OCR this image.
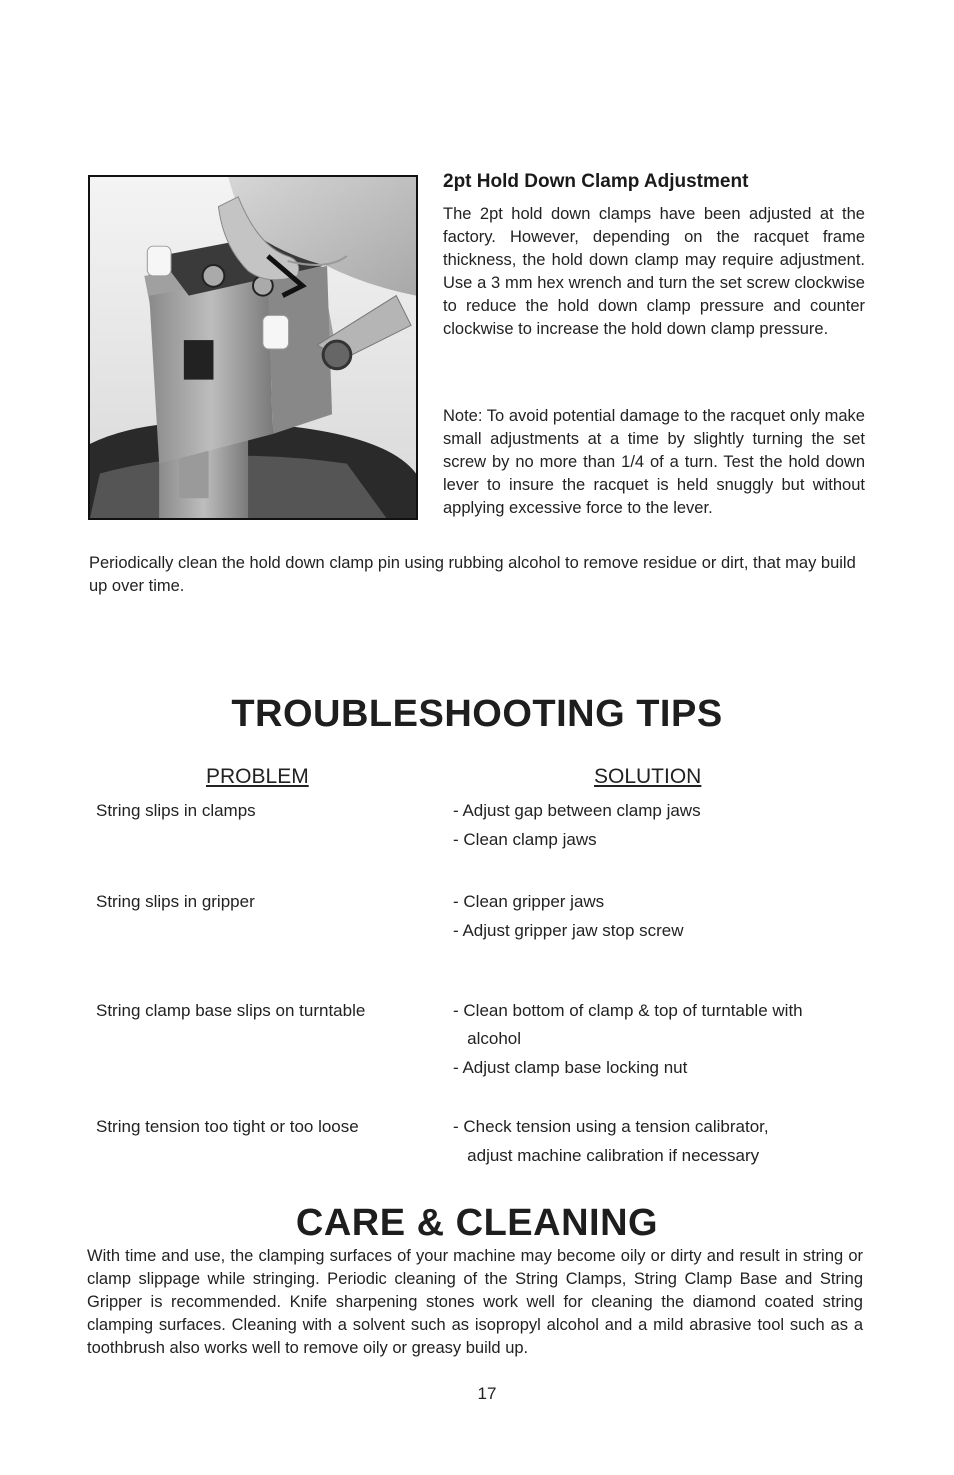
2pt Hold Down Clamp Adjustment

The 2pt hold down clamps have been adjusted at the factory. However, depending on the racquet frame thickness, the hold down clamp may require adjustment. Use a 3 mm hex wrench and turn the set screw clockwise to reduce the hold down clamp pressure and counter clockwise to increase the hold down clamp pressure.

Note: To avoid potential damage to the racquet only make small adjustments at a time by slightly turning the set screw by no more than 1/4 of a turn. Test the hold down lever to insure the racquet is held snuggly but without applying excessive force to the lever.

Periodically clean the hold down clamp pin using rubbing alcohol to remove residue or dirt, that may build up over time.

TROUBLESHOOTING TIPS
PROBLEM	SOLUTION
String slips in clamps	- Adjust gap between clamp jaws
- Clean clamp jaws
String slips in gripper	- Clean gripper jaws
- Adjust gripper jaw stop screw
String clamp base slips on turntable	- Clean bottom of clamp & top of turntable with
alcohol
- Adjust clamp base locking nut
String tension too tight or too loose	- Check tension using a tension calibrator,
adjust machine calibration if necessary
CARE & CLEANING

With time and use, the clamping surfaces of your machine may become oily or dirty and result in string or clamp slippage while stringing. Periodic cleaning of the String Clamps, String Clamp Base and String Gripper is recommended. Knife sharpening stones work well for cleaning the diamond coated string clamping surfaces. Cleaning with a solvent such as isopropyl alcohol and a mild abrasive tool such as a toothbrush also works well to remove oily or greasy build up.

17
